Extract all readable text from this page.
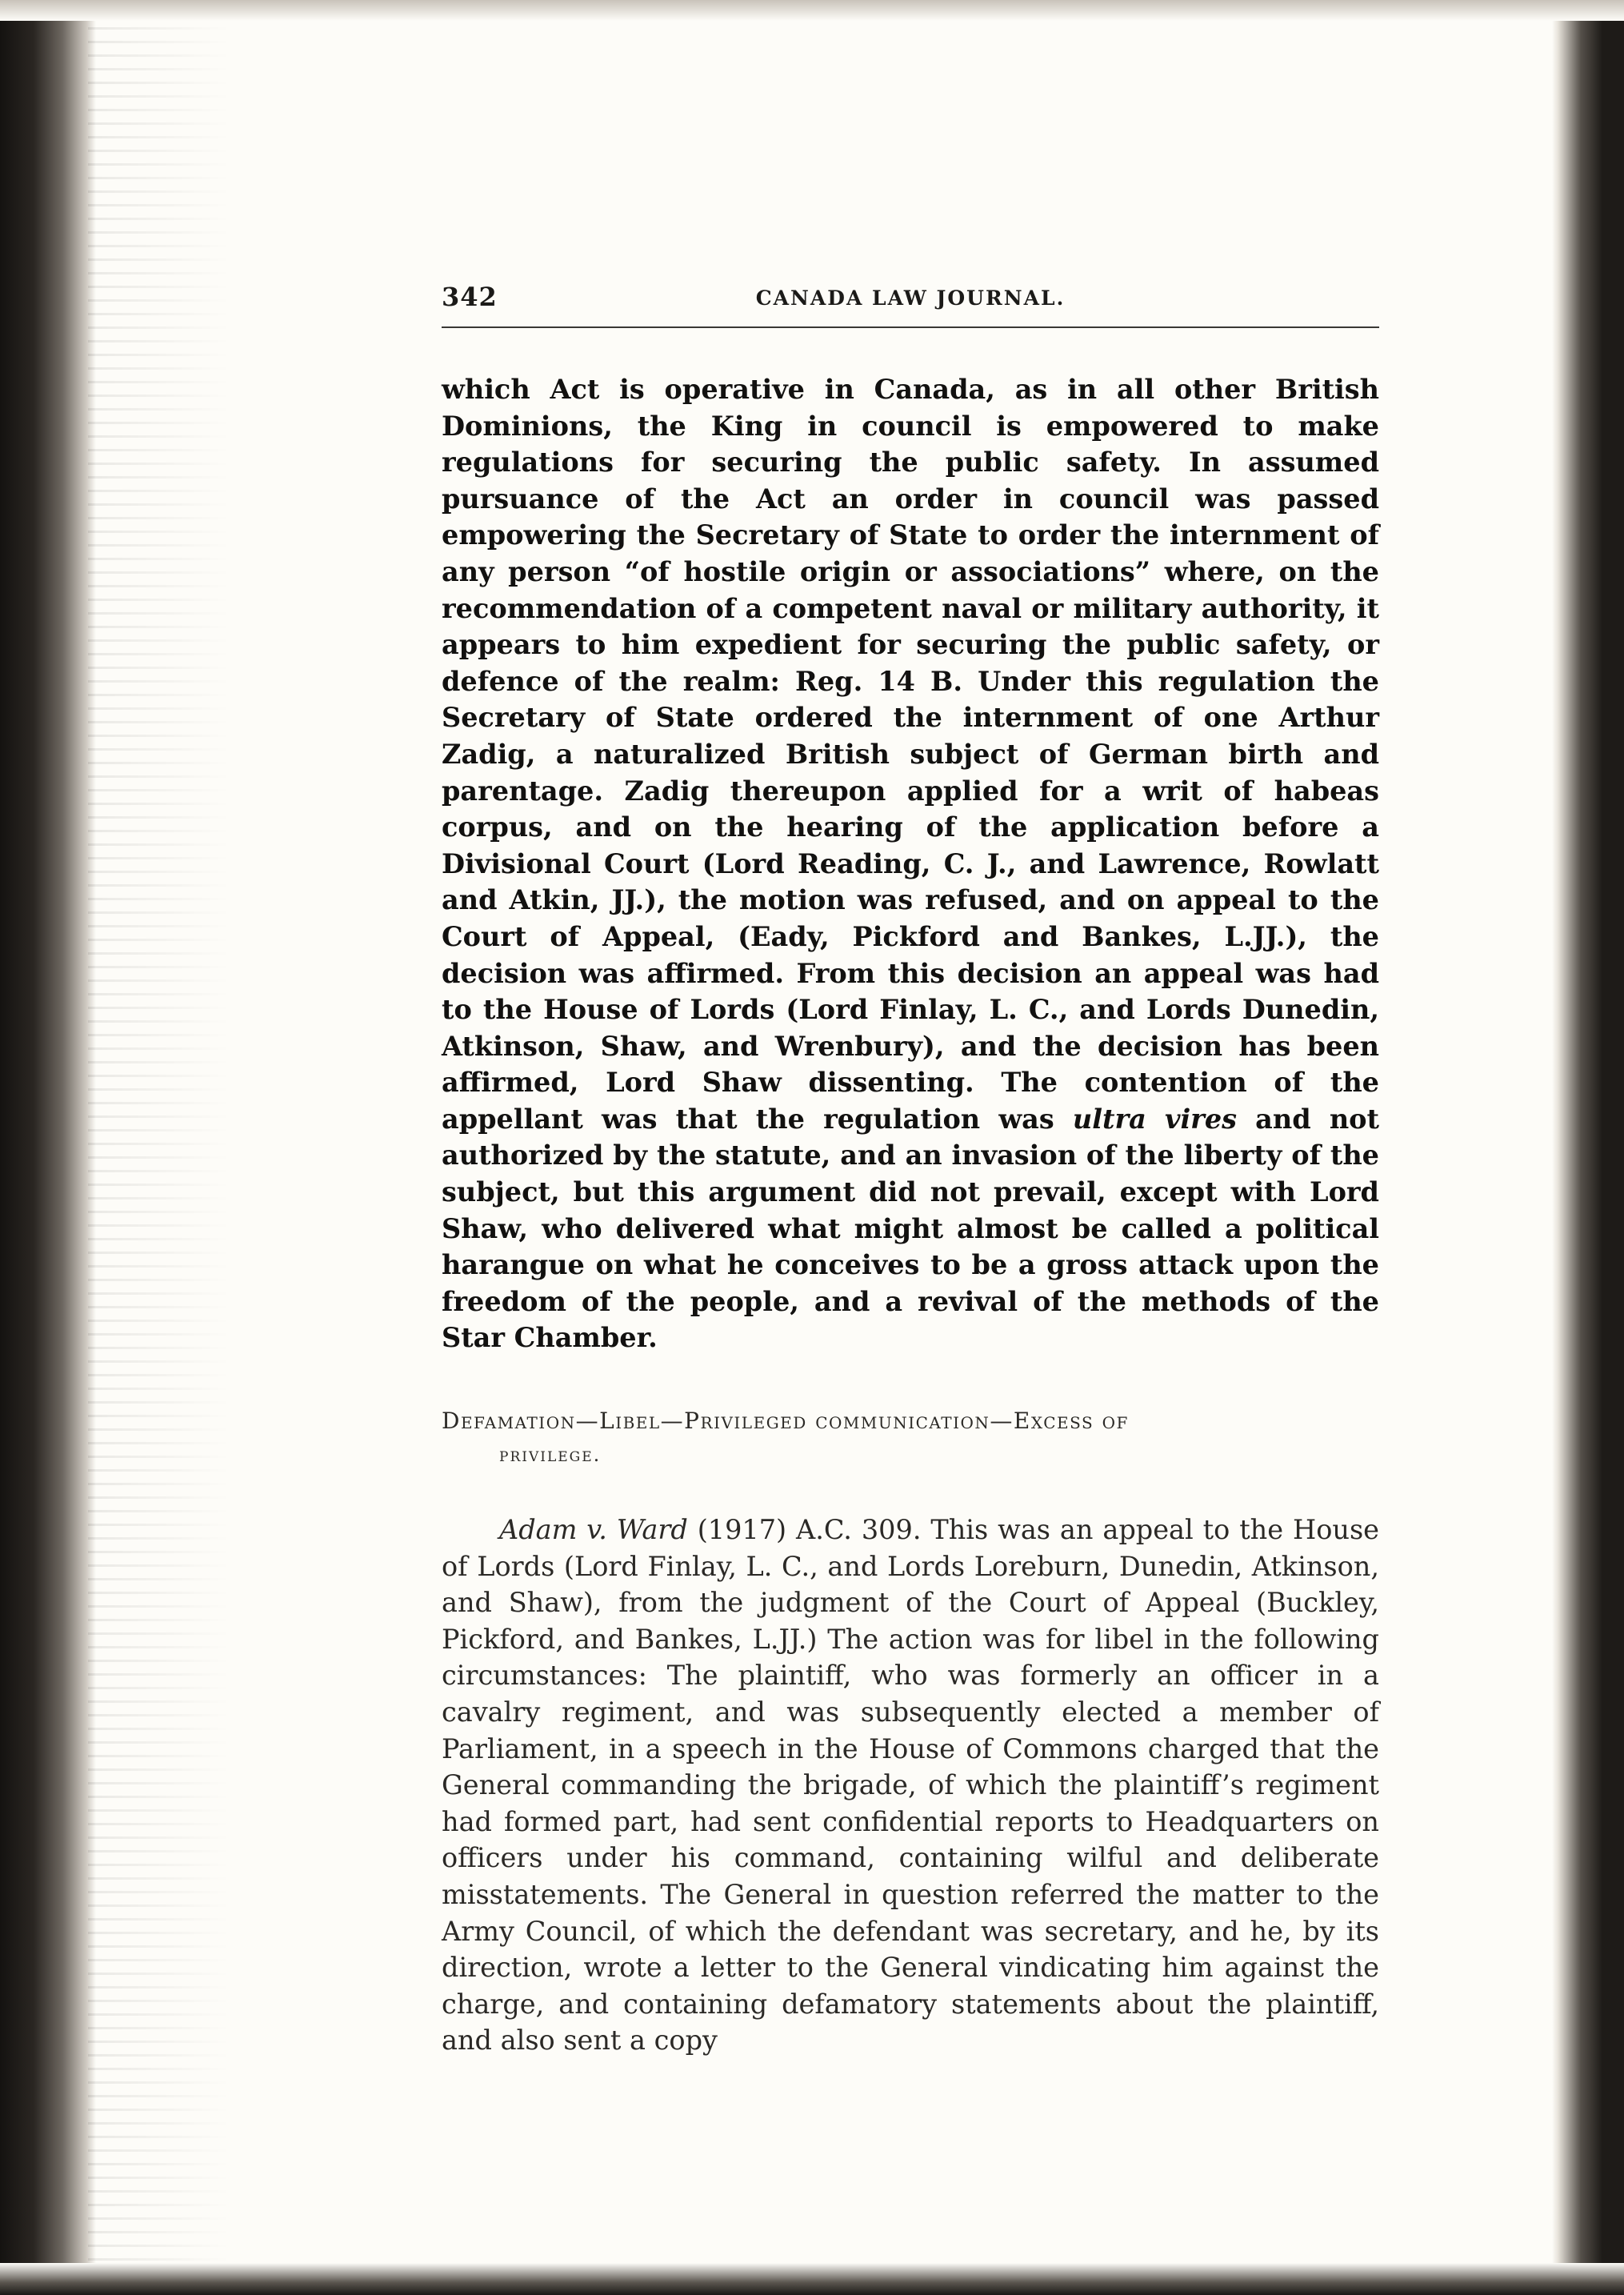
342	CANADA LAW JOURNAL.

which Act is operative in Canada, as in all other British Dominions, the King in council is empowered to make regulations for securing the public safety. In assumed pursuance of the Act an order in council was passed empowering the Secretary of State to order the internment of any person “of hostile origin or associations” where, on the recommendation of a competent naval or military authority, it appears to him expedient for securing the public safety, or defence of the realm: Reg. 14 B. Under this regulation the Secretary of State ordered the internment of one Arthur Zadig, a naturalized British subject of German birth and parentage. Zadig thereupon applied for a writ of habeas corpus, and on the hearing of the application before a Divisional Court (Lord Reading, C. J., and Lawrence, Rowlatt and Atkin, JJ.), the motion was refused, and on appeal to the Court of Appeal, (Eady, Pickford and Bankes, L.JJ.), the decision was affirmed. From this decision an appeal was had to the House of Lords (Lord Finlay, L. C., and Lords Dunedin, Atkinson, Shaw, and Wrenbury), and the decision has been affirmed, Lord Shaw dissenting. The contention of the appellant was that the regulation was ultra vires and not authorized by the statute, and an invasion of the liberty of the subject, but this argument did not prevail, except with Lord Shaw, who delivered what might almost be called a political harangue on what he conceives to be a gross attack upon the freedom of the people, and a revival of the methods of the Star Chamber.

Defamation—Libel—Privileged communication—Excess of
privilege.

Adam v. Ward (1917) A.C. 309. This was an appeal to the House of Lords (Lord Finlay, L. C., and Lords Loreburn, Dunedin, Atkinson, and Shaw), from the judgment of the Court of Appeal (Buckley, Pickford, and Bankes, L.JJ.) The action was for libel in the following circumstances: The plaintiff, who was formerly an officer in a cavalry regiment, and was subsequently elected a member of Parliament, in a speech in the House of Commons charged that the General commanding the brigade, of which the plaintiff’s regiment had formed part, had sent confidential reports to Headquarters on officers under his command, containing wilful and deliberate misstatements. The General in question referred the matter to the Army Council, of which the defendant was secretary, and he, by its direction, wrote a letter to the General vindicating him against the charge, and containing defamatory statements about the plaintiff, and also sent a copy
